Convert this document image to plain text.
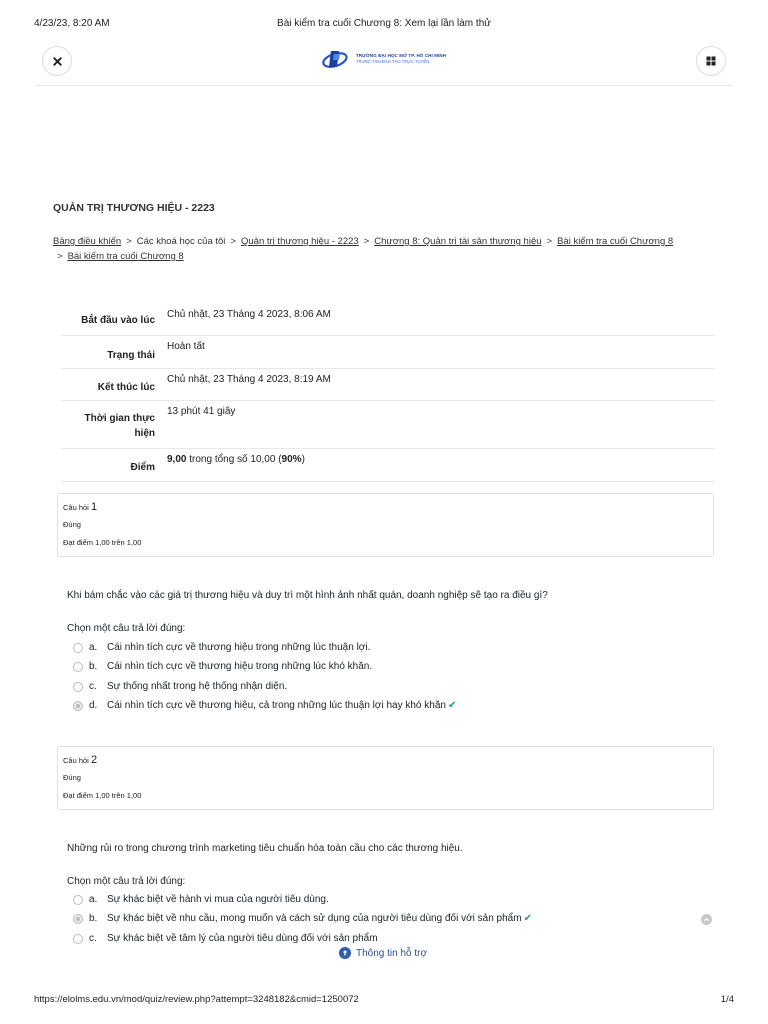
4/23/23, 8:20 AM	Bài kiểm tra cuối Chương 8: Xem lại lần làm thử
TRƯỜNG ĐẠI HỌC MỞ TP. HỒ CHÍ MINH
TRUNG TÂM ĐÀO TẠO TRỰC TUYẾN
QUẢN TRỊ THƯƠNG HIỆU - 2223
Bảng điều khiển > Các khoá học của tôi > Quản trị thương hiệu - 2223 > Chương 8: Quản trị tài sản thương hiệu > Bài kiểm tra cuối Chương 8
> Bài kiểm tra cuối Chương 8
Bắt đầu vào lúc
Chủ nhật, 23 Tháng 4 2023, 8:06 AM
Trạng thái
Hoàn tất
Kết thúc lúc
Chủ nhật, 23 Tháng 4 2023, 8:19 AM
Thời gian thực
hiện
13 phút 41 giây
Điểm
9,00 trong tổng số 10,00 (90%)
Câu hỏi 1
Đúng
Đạt điểm 1,00 trên 1,00
Khi bám chắc vào các giá trị thương hiệu và duy trì một hình ảnh nhất quán, doanh nghiệp sẽ tạo ra điều gì?
Chọn một câu trả lời đúng:
a. Cái nhìn tích cực về thương hiệu trong những lúc thuận lợi.
b. Cái nhìn tích cực về thương hiệu trong những lúc khó khăn.
c.	Sự thống nhất trong hệ thống nhận diện.
d. Cái nhìn tích cực về thương hiệu, cả trong những lúc thuận lợi hay khó khăn ✔
Câu hỏi 2
Đúng
Đạt điểm 1,00 trên 1,00
Những rủi ro trong chương trình marketing tiêu chuẩn hóa toàn cầu cho các thương hiệu.
Chọn một câu trả lời đúng:
a. Sự khác biệt về hành vi mua của người tiêu dùng.
b. Sự khác biệt về nhu cầu, mong muốn và cách sử dụng của người tiêu dùng đối với sản phẩm ✔
c.	Sự khác biệt về tâm lý của người tiêu dùng đối với sản phẩm
Thông tin hỗ trợ
https://elolms.edu.vn/mod/quiz/review.php?attempt=3248182&cmid=1250072	1/4
